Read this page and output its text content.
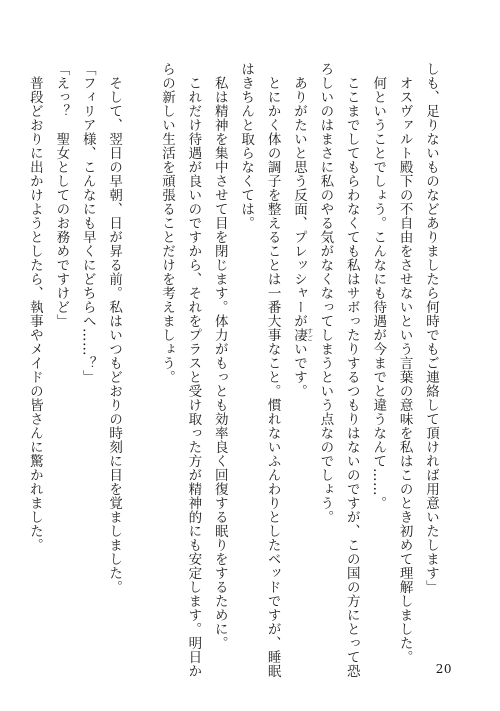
しも、足りないものなどありましたら何時でもご連絡して頂ければ用意いたします」
オスヴァルト殿下の不自由をさせないという言葉の意味を私はこのとき初めて理解しました。
何ということでしょう。こんなにも待遇が今までと違うなんて……。
ここまでしてもらわなくても私はサボったりするつもりはないのですが、この国の方にとって恐
ろしいのはまさに私のやる気がなくなってしまうという点なのでしょう。
ありがたいと思う反面、プレッシャーが凄すごいです。
とにかく体の調子を整えることは一番大事なこと。慣れないふんわりとしたベッドですが、睡眠
はきちんと取らなくては。
私は精神を集中させて目を閉じます。体力がもっとも効率良く回復する眠りをするために。
これだけ待遇が良いのですから、それをプラスと受け取った方が精神的にも安定します。明日か
らの新しい生活を頑張ることだけを考えましょう。
そして、翌日の早朝、日が昇る前。私はいつもどおりの時刻に目を覚ましました。
「フィリア様、こんなにも早くにどちらへ……？」
「えっ？　聖女としてのお務めですけど」
普段どおりに出かけようとしたら、執事やメイドの皆さんに驚かれました。
20
